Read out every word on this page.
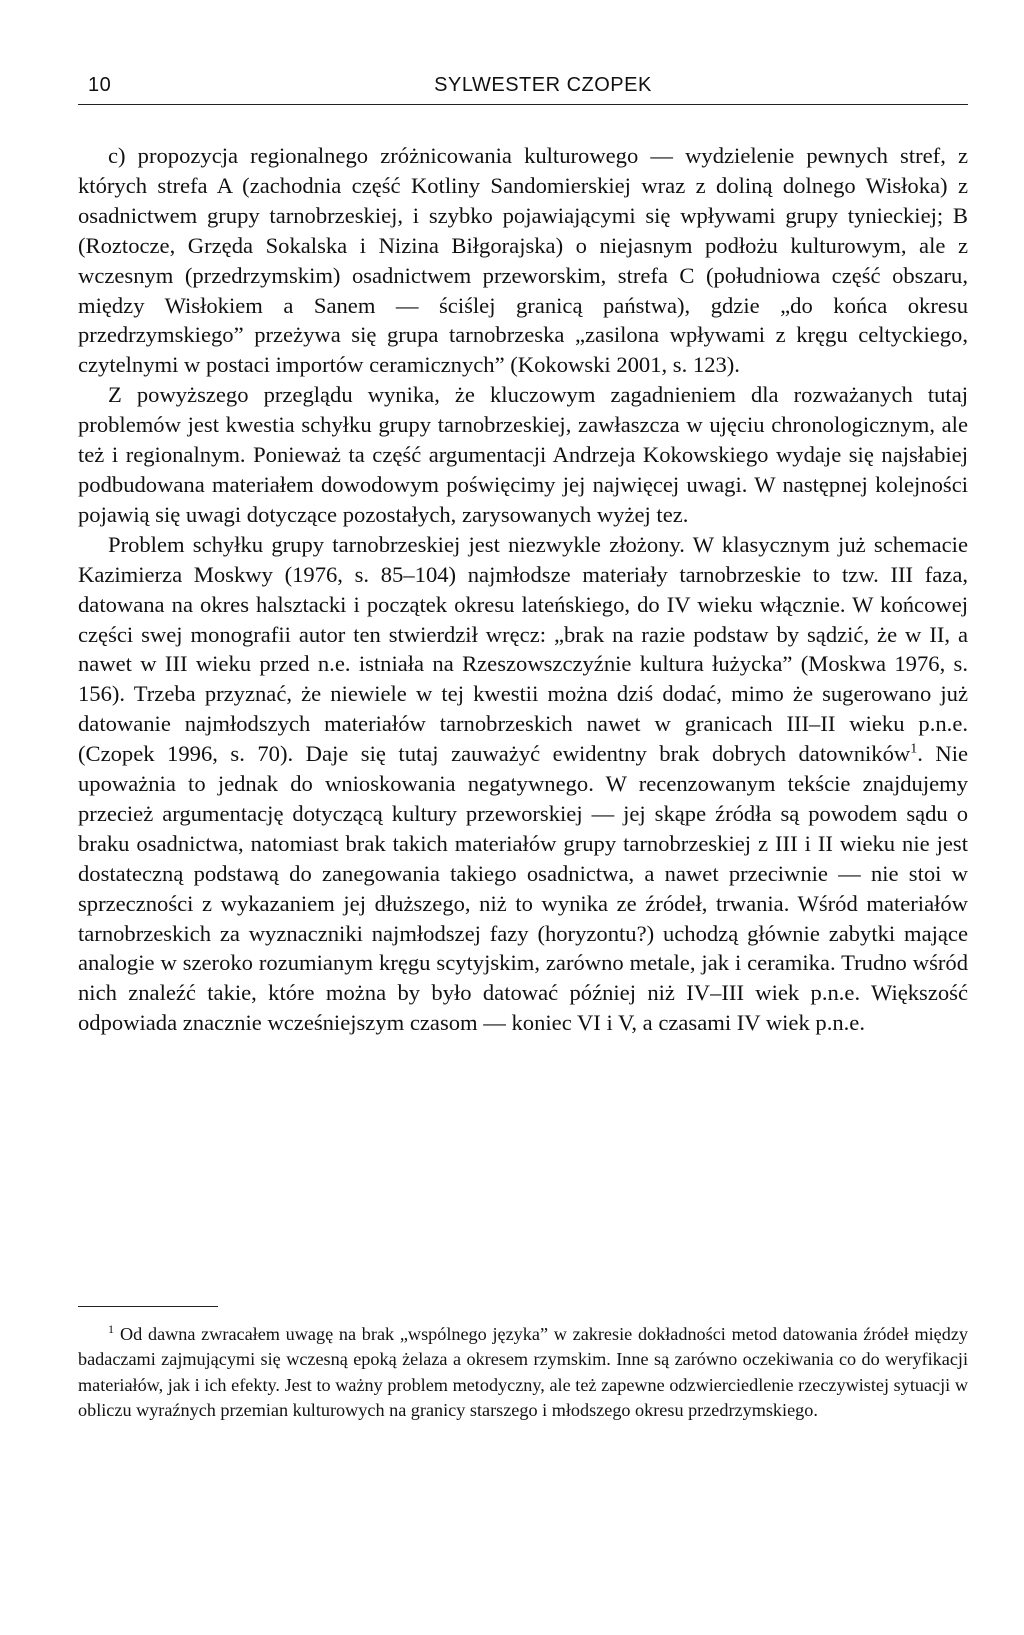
10	SYLWESTER CZOPEK

c) propozycja regionalnego zróżnicowania kulturowego — wydzielenie pewnych stref, z których strefa A (zachodnia część Kotliny Sandomierskiej wraz z doliną dolnego Wisłoka) z osadnictwem grupy tarnobrzeskiej, i szybko pojawiającymi się wpływami grupy tynieckiej; B (Roztocze, Grzęda Sokalska i Nizina Biłgorajska) o niejasnym podłożu kulturowym, ale z wczesnym (przedrzymskim) osadnictwem przeworskim, strefa C (południowa część obszaru, między Wisłokiem a Sanem — ściślej granicą państwa), gdzie „do końca okresu przedrzymskiego” przeżywa się grupa tarnobrzeska „zasilona wpływami z kręgu celtyckiego, czytelnymi w postaci importów ceramicznych” (Kokowski 2001, s. 123).

Z powyższego przeglądu wynika, że kluczowym zagadnieniem dla rozważanych tutaj problemów jest kwestia schyłku grupy tarnobrzeskiej, zawłaszcza w ujęciu chronologicznym, ale też i regionalnym. Ponieważ ta część argumentacji Andrzeja Kokowskiego wydaje się najsłabiej podbudowana materiałem dowodowym poświęcimy jej najwięcej uwagi. W następnej kolejności pojawią się uwagi dotyczące pozostałych, zarysowanych wyżej tez.

Problem schyłku grupy tarnobrzeskiej jest niezwykle złożony. W klasycznym już schemacie Kazimierza Moskwy (1976, s. 85–104) najmłodsze materiały tarnobrzeskie to tzw. III faza, datowana na okres halsztacki i początek okresu lateńskiego, do IV wieku włącznie. W końcowej części swej monografii autor ten stwierdził wręcz: „brak na razie podstaw by sądzić, że w II, a nawet w III wieku przed n.e. istniała na Rzeszowszczyźnie kultura łużycka” (Moskwa 1976, s. 156). Trzeba przyznać, że niewiele w tej kwestii można dziś dodać, mimo że sugerowano już datowanie najmłodszych materiałów tarnobrzeskich nawet w granicach III–II wieku p.n.e. (Czopek 1996, s. 70). Daje się tutaj zauważyć ewidentny brak dobrych datowników$^1$. Nie upoważnia to jednak do wnioskowania negatywnego. W recenzowanym tekście znajdujemy przecież argumentację dotyczącą kultury przeworskiej — jej skąpe źródła są powodem sądu o braku osadnictwa, natomiast brak takich materiałów grupy tarnobrzeskiej z III i II wieku nie jest dostateczną podstawą do zanegowania takiego osadnictwa, a nawet przeciwnie — nie stoi w sprzeczności z wykazaniem jej dłuższego, niż to wynika ze źródeł, trwania. Wśród materiałów tarnobrzeskich za wyznaczniki najmłodszej fazy (horyzontu?) uchodzą głównie zabytki mające analogie w szeroko rozumianym kręgu scytyjskim, zarówno metale, jak i ceramika. Trudno wśród nich znaleźć takie, które można by było datować później niż IV–III wiek p.n.e. Większość odpowiada znacznie wcześniejszym czasom — koniec VI i V, a czasami IV wiek p.n.e.

$^1$ Od dawna zwracałem uwagę na brak „wspólnego języka” w zakresie dokładności metod datowania źródeł między badaczami zajmującymi się wczesną epoką żelaza a okresem rzymskim. Inne są zarówno oczekiwania co do weryfikacji materiałów, jak i ich efekty. Jest to ważny problem metodyczny, ale też zapewne odzwierciedlenie rzeczywistej sytuacji w obliczu wyraźnych przemian kulturowych na granicy starszego i młodszego okresu przedrzymskiego.
